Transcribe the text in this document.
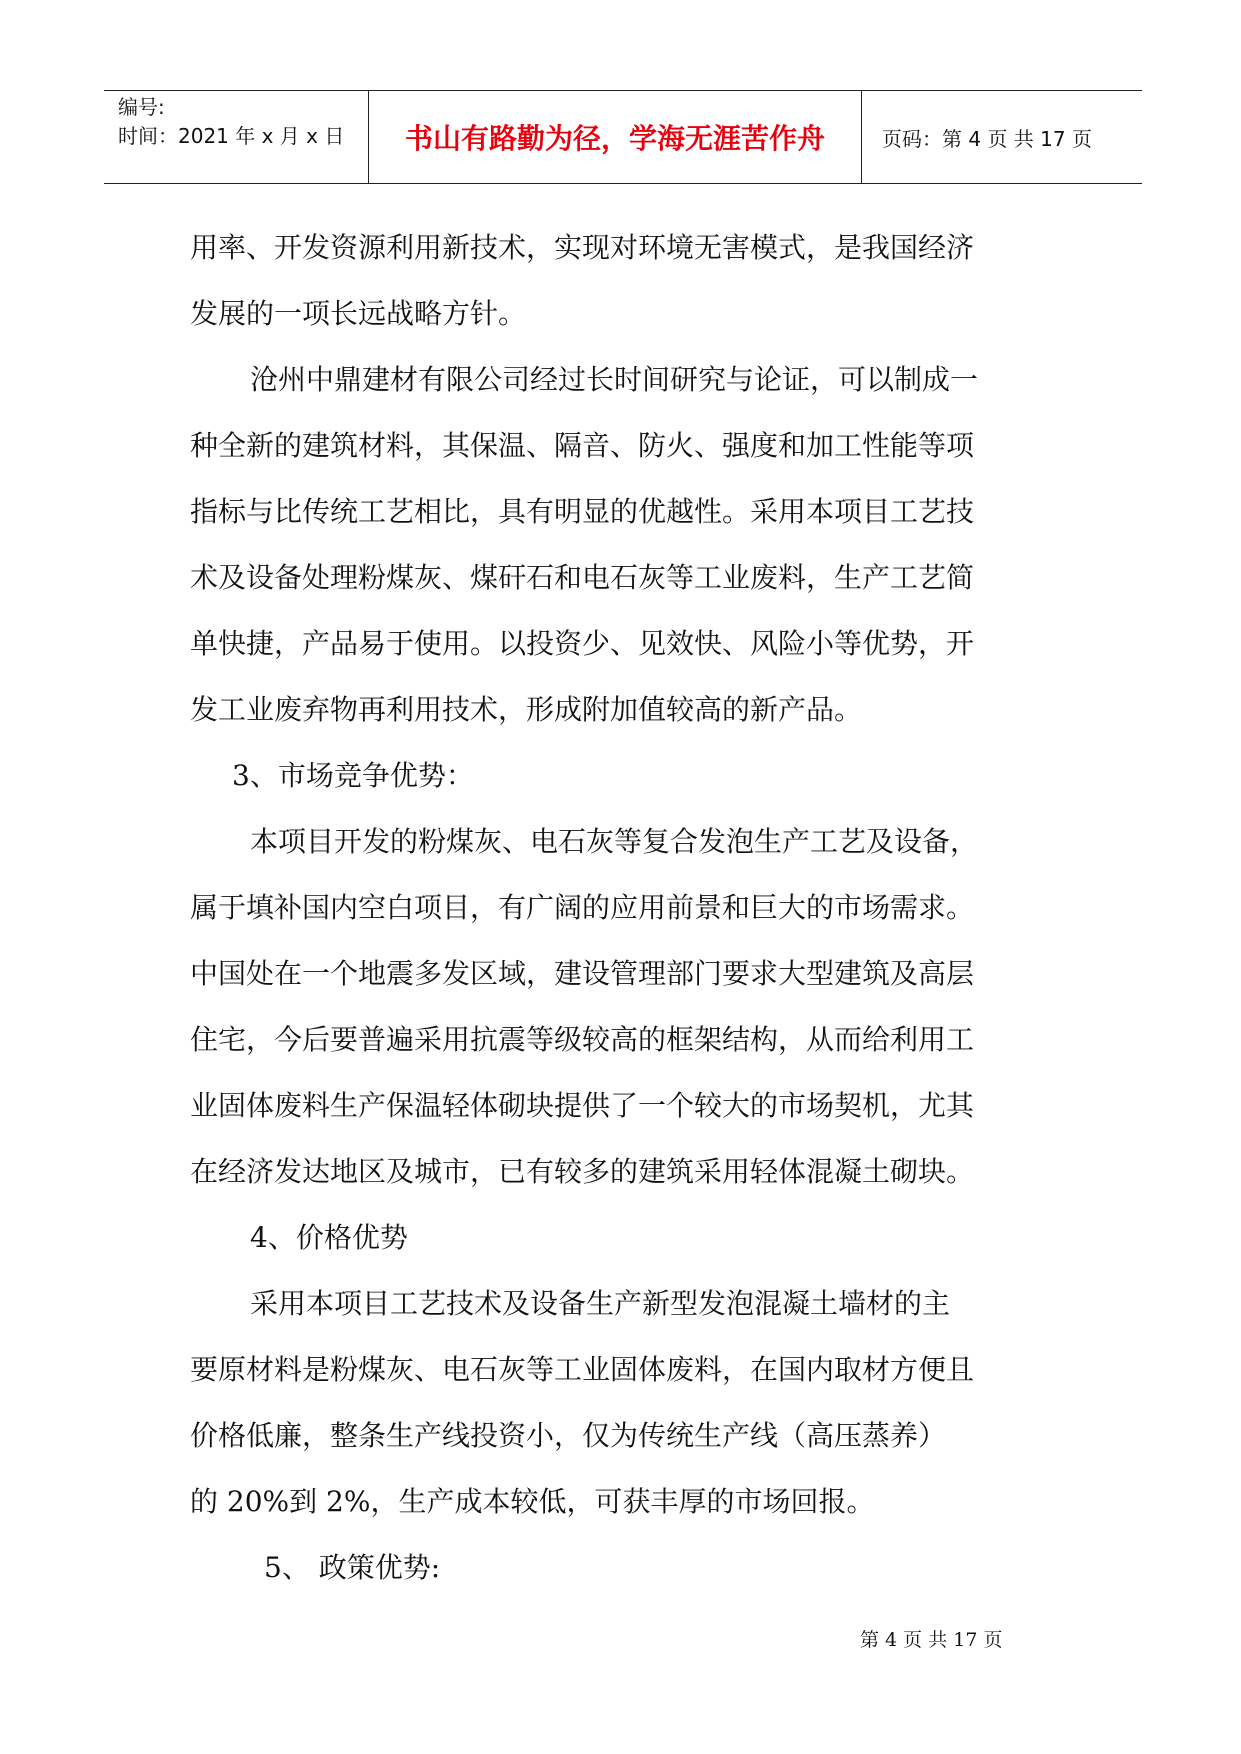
编号:
时间：2021 年 x 月 x 日	书山有路勤为径，学海无涯苦作舟	页码：第 4 页 共 17 页
用率、开发资源利用新技术，实现对环境无害模式，是我国经济
发展的一项长远战略方针。
沧州中鼎建材有限公司经过长时间研究与论证，可以制成一
种全新的建筑材料，其保温、隔音、防火、强度和加工性能等项
指标与比传统工艺相比，具有明显的优越性。采用本项目工艺技
术及设备处理粉煤灰、煤矸石和电石灰等工业废料，生产工艺简
单快捷，产品易于使用。以投资少、见效快、风险小等优势，开
发工业废弃物再利用技术，形成附加值较高的新产品。
3、市场竞争优势：
本项目开发的粉煤灰、电石灰等复合发泡生产工艺及设备，
属于填补国内空白项目，有广阔的应用前景和巨大的市场需求。
中国处在一个地震多发区域，建设管理部门要求大型建筑及高层
住宅，今后要普遍采用抗震等级较高的框架结构，从而给利用工
业固体废料生产保温轻体砌块提供了一个较大的市场契机，尤其
在经济发达地区及城市，已有较多的建筑采用轻体混凝土砌块。
4、价格优势
采用本项目工艺技术及设备生产新型发泡混凝土墙材的主
要原材料是粉煤灰、电石灰等工业固体废料，在国内取材方便且
价格低廉，整条生产线投资小，仅为传统生产线（高压蒸养）
的 20%到 2%，生产成本较低，可获丰厚的市场回报。
5、 政策优势:
第 4 页 共 17 页
